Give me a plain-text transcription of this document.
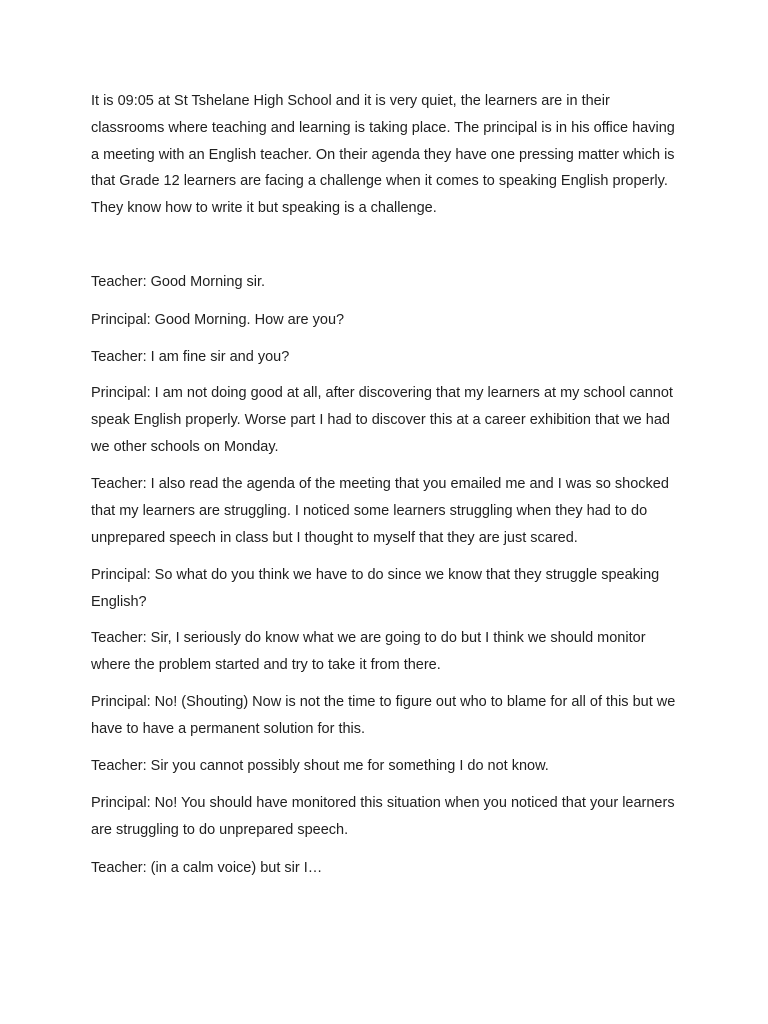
It is 09:05 at St Tshelane High School and it is very quiet, the learners are in their classrooms where teaching and learning is taking place. The principal is in his office having a meeting with an English teacher. On their agenda they have one pressing matter which is that Grade 12 learners are facing a challenge when it comes to speaking English properly. They know how to write it but speaking is a challenge.

Teacher: Good Morning sir.

Principal: Good Morning. How are you?

Teacher: I am fine sir and you?

Principal: I am not doing good at all, after discovering that my learners at my school cannot speak English properly. Worse part I had to discover this at a career exhibition that we had we other schools on Monday.

Teacher: I also read the agenda of the meeting that you emailed me and I was so shocked that my learners are struggling. I noticed some learners struggling when they had to do unprepared speech in class but I thought to myself that they are just scared.

Principal: So what do you think we have to do since we know that they struggle speaking English?

Teacher: Sir, I seriously do know what we are going to do but I think we should monitor where the problem started and try to take it from there.

Principal: No! (Shouting) Now is not the time to figure out who to blame for all of this but we have to have a permanent solution for this.

Teacher: Sir you cannot possibly shout me for something I do not know.

Principal: No! You should have monitored this situation when you noticed that your learners are struggling to do unprepared speech.

Teacher: (in a calm voice) but sir I…
